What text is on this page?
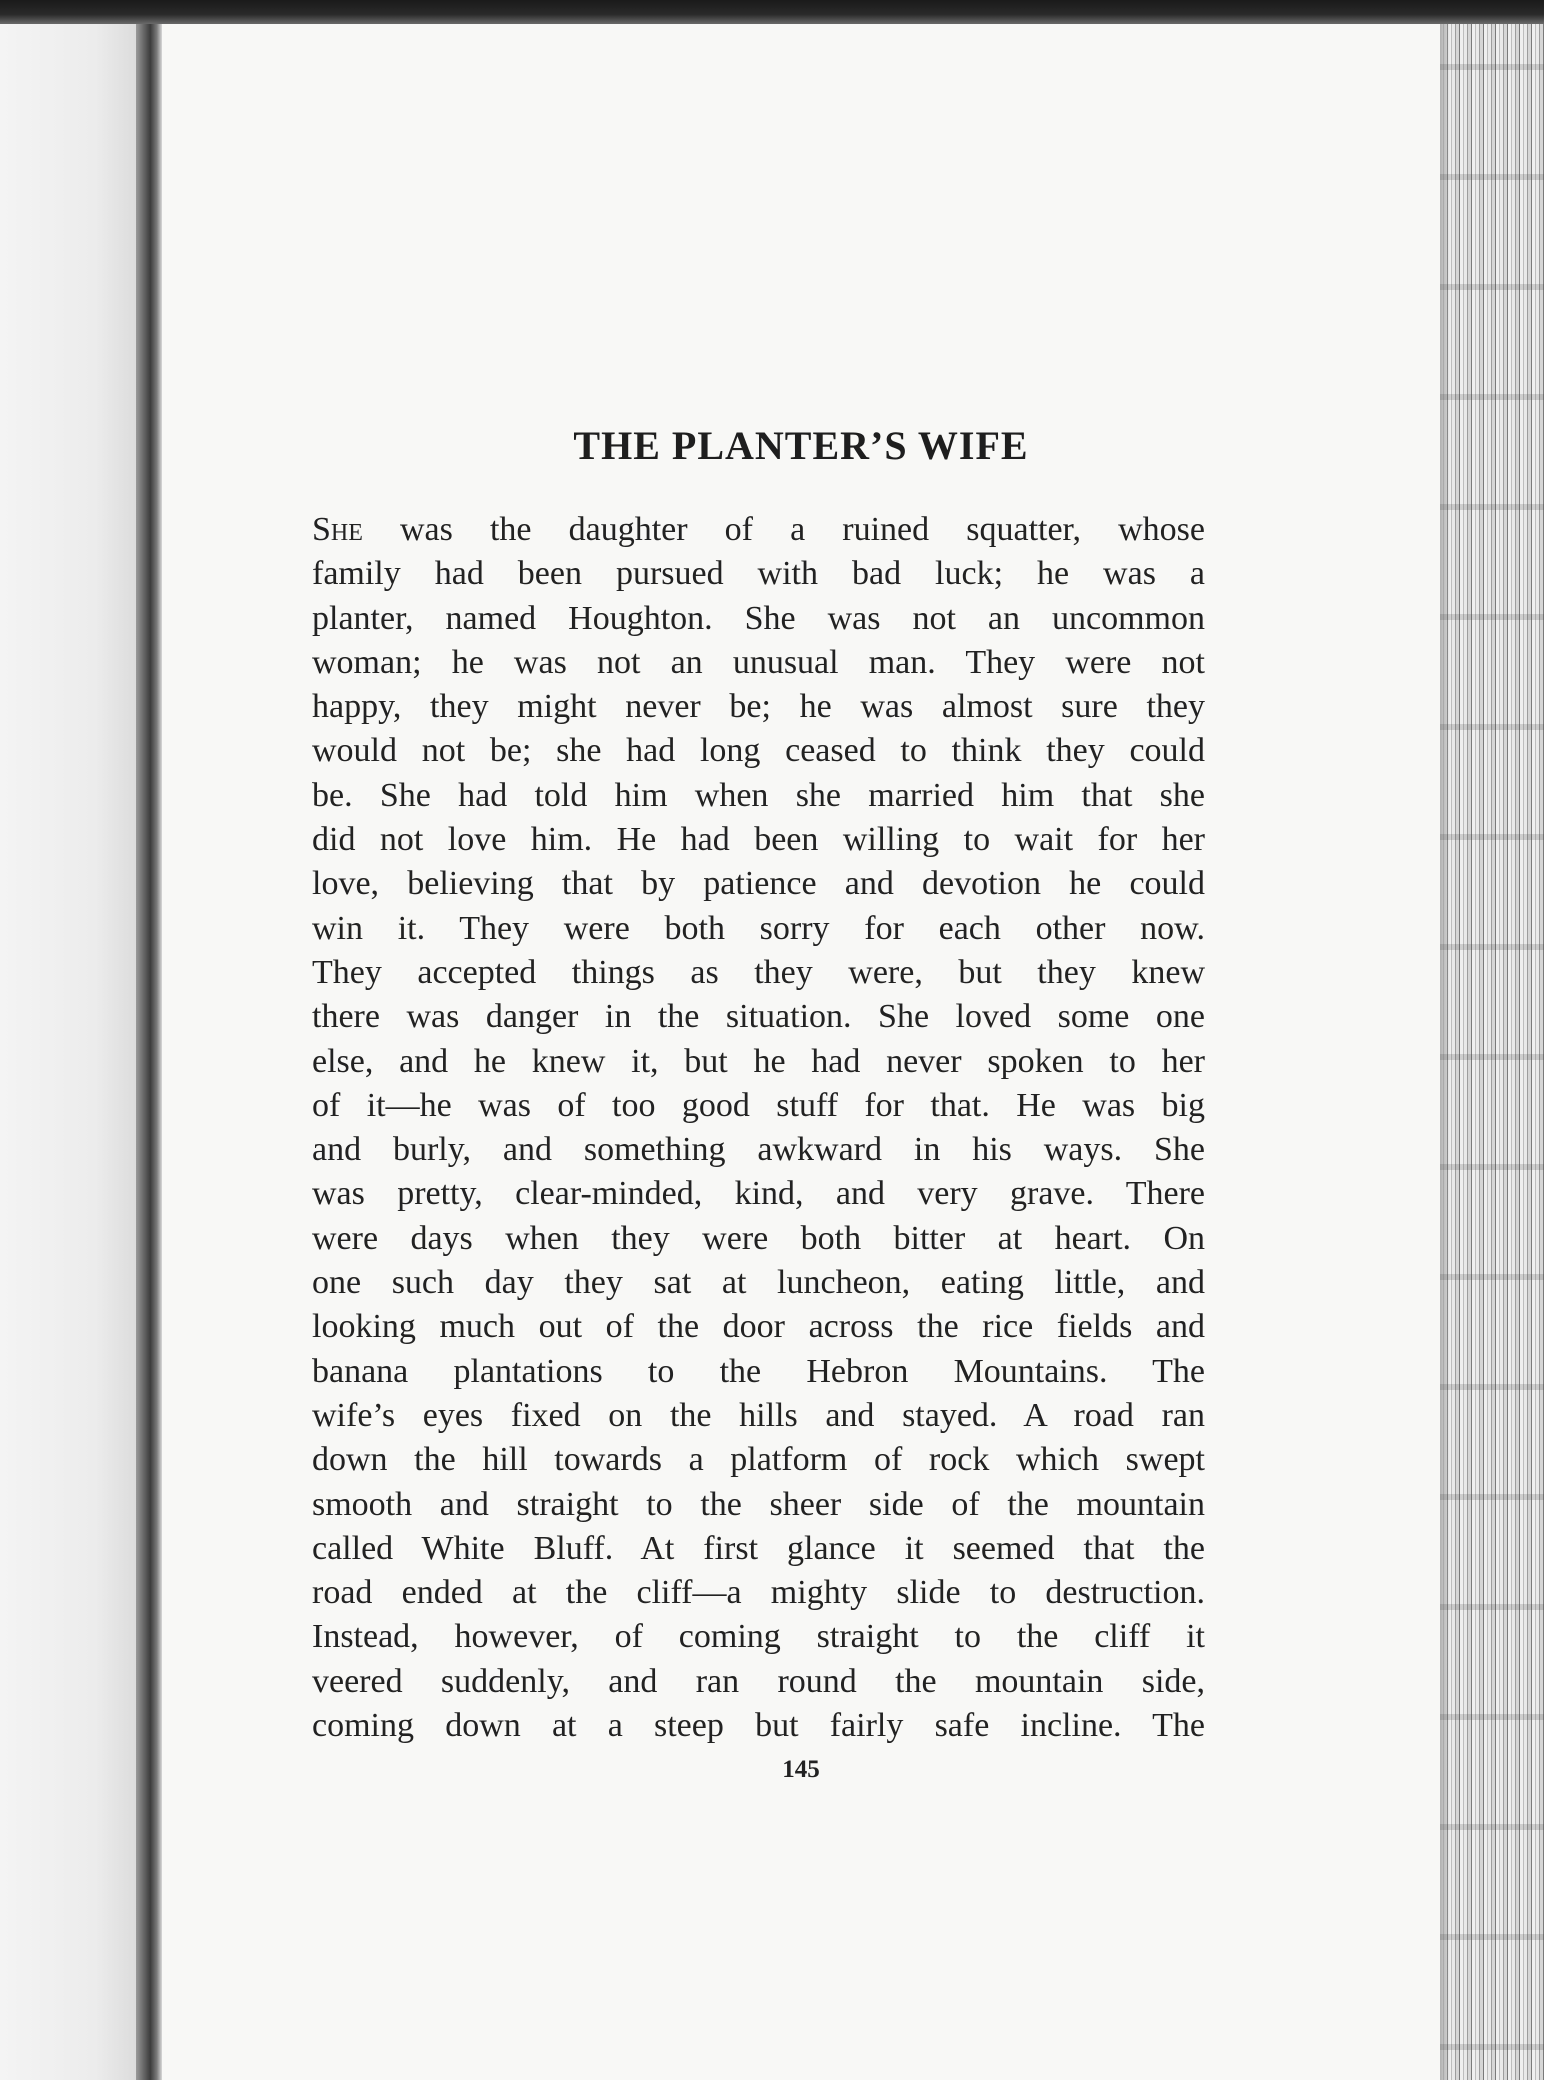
THE PLANTER’S WIFE
She was the daughter of a ruined squatter, whose
family had been pursued with bad luck; he was a
planter, named Houghton. She was not an uncommon
woman; he was not an unusual man. They were not
happy, they might never be; he was almost sure they
would not be; she had long ceased to think they could
be. She had told him when she married him that she
did not love him. He had been willing to wait for her
love, believing that by patience and devotion he could
win it. They were both sorry for each other now.
They accepted things as they were, but they knew
there was danger in the situation. She loved some one
else, and he knew it, but he had never spoken to her
of it—he was of too good stuff for that. He was big
and burly, and something awkward in his ways. She
was pretty, clear-minded, kind, and very grave. There
were days when they were both bitter at heart. On
one such day they sat at luncheon, eating little, and
looking much out of the door across the rice fields and
banana plantations to the Hebron Mountains. The
wife’s eyes fixed on the hills and stayed. A road ran
down the hill towards a platform of rock which swept
smooth and straight to the sheer side of the mountain
called White Bluff. At first glance it seemed that the
road ended at the cliff—a mighty slide to destruction.
Instead, however, of coming straight to the cliff it
veered suddenly, and ran round the mountain side,
coming down at a steep but fairly safe incline. The
145
